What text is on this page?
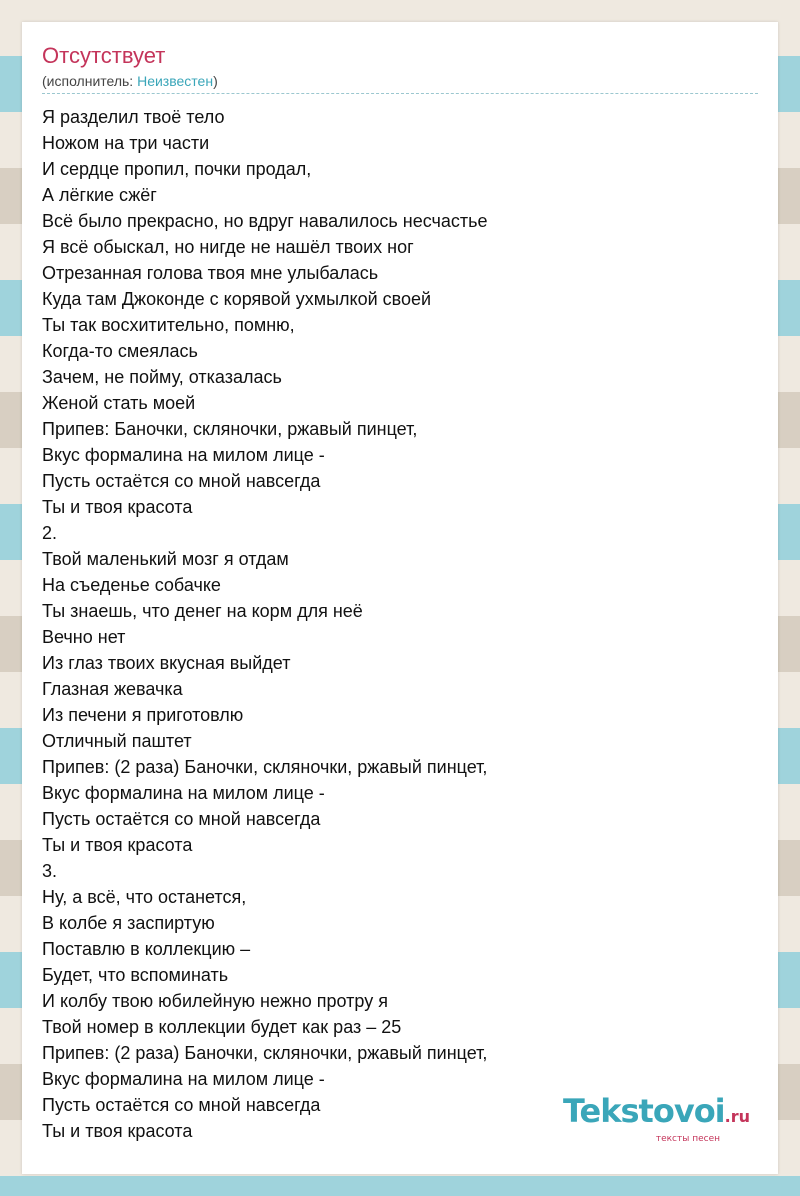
Отсутствует
(исполнитель: Неизвестен)
Я разделил твоё тело
Ножом на три части
И сердце пропил, почки продал,
А лёгкие сжёг
Всё было прекрасно, но вдруг навалилось несчастье
Я всё обыскал, но нигде не нашёл твоих ног
Отрезанная голова твоя мне улыбалась
Куда там Джоконде с корявой ухмылкой своей
Ты так восхитительно, помню,
Когда-то смеялась
Зачем, не пойму, отказалась
Женой стать моей
Припев: Баночки, скляночки, ржавый пинцет,
Вкус формалина на милом лице -
Пусть остаётся со мной навсегда
Ты и твоя красота
2.
Твой маленький мозг я отдам
На съеденье собачке
Ты знаешь, что денег на корм для неё
Вечно нет
Из глаз твоих вкусная выйдет
Глазная жевачка
Из печени я приготовлю
Отличный паштет
Припев: (2 раза) Баночки, скляночки, ржавый пинцет,
Вкус формалина на милом лице -
Пусть остаётся со мной навсегда
Ты и твоя красота
3.
Ну, а всё, что останется,
В колбе я заспиртую
Поставлю в коллекцию –
Будет, что вспоминать
И колбу твою юбилейную нежно протру я
Твой номер в коллекции будет как раз – 25
Припев: (2 раза) Баночки, скляночки, ржавый пинцет,
Вкус формалина на милом лице -
Пусть остаётся со мной навсегда
Ты и твоя красота
Tekstovoi.ru
тексты песен
